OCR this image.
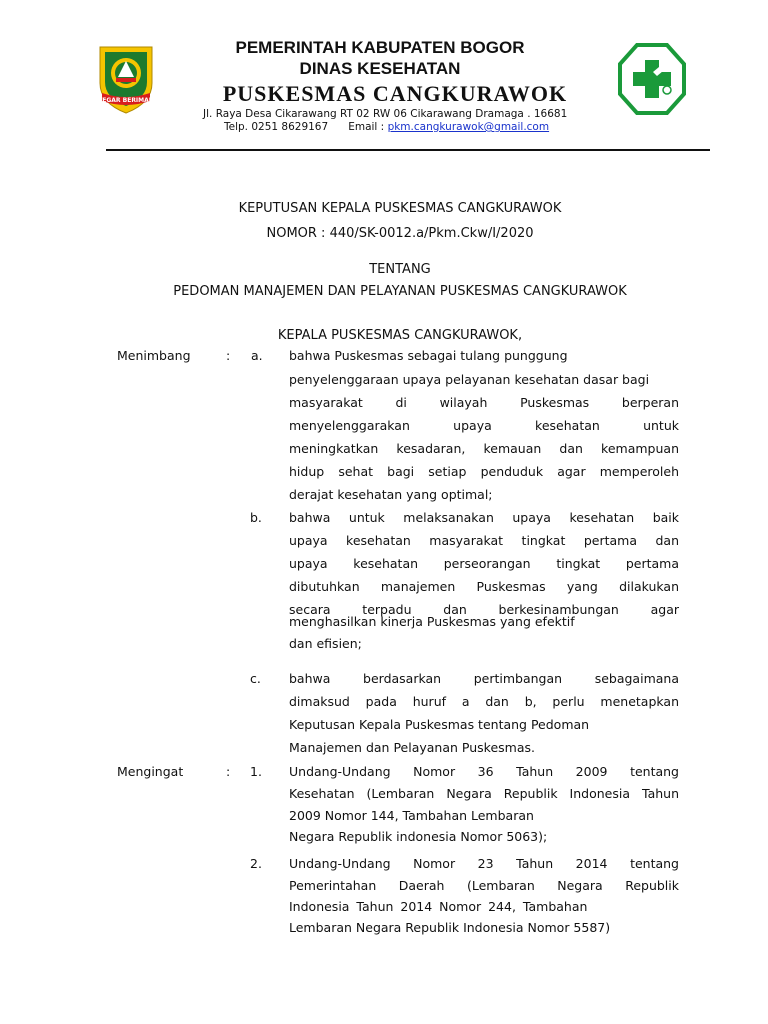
TEGAR BERIMAN
PEMERINTAH KABUPATEN BOGOR
DINAS KESEHATAN
PUSKESMAS CANGKURAWOK
Jl. Raya Desa Cikarawang RT 02 RW 06 Cikarawang Dramaga . 16681
Telp. 0251 8629167 Email : pkm.cangkurawok@gmail.com
KEPUTUSAN KEPALA PUSKESMAS CANGKURAWOK
NOMOR : 440/SK-0012.a/Pkm.Ckw/I/2020
TENTANG
PEDOMAN MANAJEMEN DAN PELAYANAN PUSKESMAS CANGKURAWOK
KEPALA PUSKESMAS CANGKURAWOK,
Menimbang	: a. bahwa Puskesmas sebagai tulang punggung
penyelenggaraan upaya pelayanan kesehatan dasar bagi
masyarakat di wilayah Puskesmas berperan
menyelenggarakan upaya kesehatan untuk
meningkatkan kesadaran, kemauan dan kemampuan
hidup sehat bagi setiap penduduk agar memperoleh
derajat kesehatan yang optimal;
b. bahwa untuk melaksanakan upaya kesehatan baik
upaya kesehatan masyarakat tingkat pertama dan
upaya kesehatan perseorangan tingkat pertama
dibutuhkan manajemen Puskesmas yang dilakukan
secara terpadu dan berkesinambungan agar
menghasilkan kinerja Puskesmas yang efektif
dan efisien;
c. bahwa berdasarkan pertimbangan sebagaimana
dimaksud pada huruf a dan b, perlu menetapkan
Keputusan Kepala Puskesmas tentang Pedoman
Manajemen dan Pelayanan Puskesmas.
Mengingat	: 1. Undang-Undang Nomor 36 Tahun 2009 tentang
Kesehatan (Lembaran Negara Republik Indonesia Tahun
2009 Nomor 144, Tambahan Lembaran
Negara Republik indonesia Nomor 5063);
2. Undang-Undang Nomor 23 Tahun 2014 tentang
Pemerintahan Daerah (Lembaran Negara Republik
Indonesia Tahun 2014 Nomor 244, Tambahan
Lembaran Negara Republik Indonesia Nomor 5587)
